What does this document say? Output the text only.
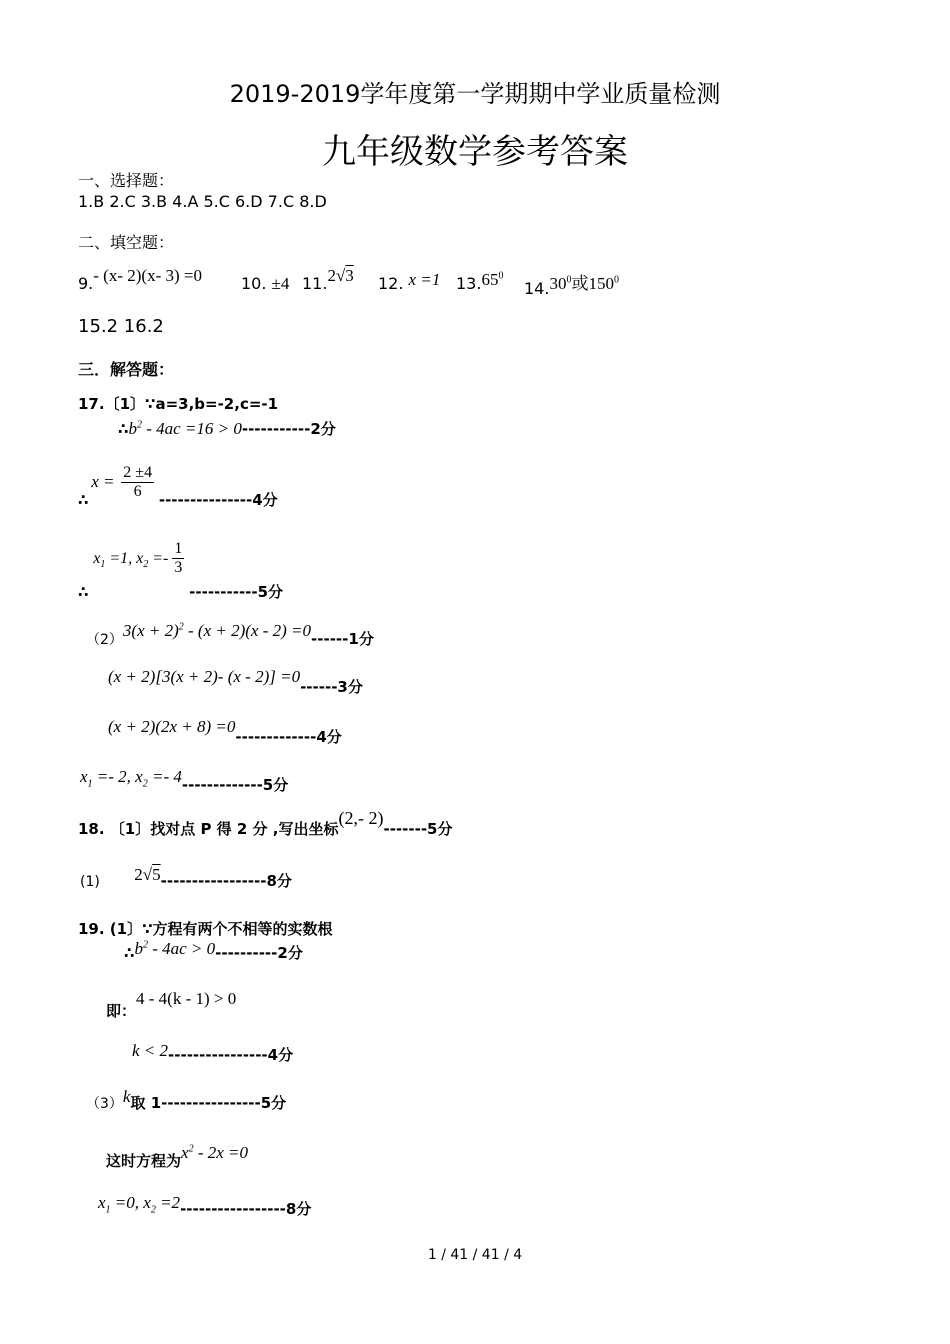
2019-2019学年度第一学期期中学业质量检测
九年级数学参考答案
一、选择题：
1.B 2.C 3.B 4.A 5.C 6.D 7.C 8.D
二、填空题：
9.- (x- 2)(x- 3) =0 10. ±4 11.2√3 12. x =1 13.65$^0$
14.30$^0$或$150^0$
15.2 16.2
三．解答题：
17.〔1〕∵a=3,b=-2,c=-1
$\therefore b^2 - 4ac =16 > 0-----------2$分
∴ $x = \frac{2 \pm 4}{6} ---------------4$分
∴ $x_1 =1$, $x_2 =- \frac{1}{3}$
-----------5分
$(2)3(x + 2)^2 - (x + 2)(x - 2) =0------1$分
(x + 2)[3(x + 2)- (x - 2)] =0------3分
(x + 2)(2x + 8) =0-------------4分
$x_1 =- 2$, $x_2 =- 4-------------5$分
18. 〔1〕找对点 P 得 2 分 ,写出坐标(2,- 2)-------5分
(1) 2√5-----------------8分
19. (1〕∵方程有两个不相等的实数根
$\therefore b^2 - 4ac > 0----------2$分
即：4 - 4(k - 1) > 0
k < 2----------------4分
（3）k取 1----------------5分
这时方程为$x^2 - 2x =0$
$x_1 =0$, $x_2 =2-----------------8$分
1 / 41 / 41 / 4
